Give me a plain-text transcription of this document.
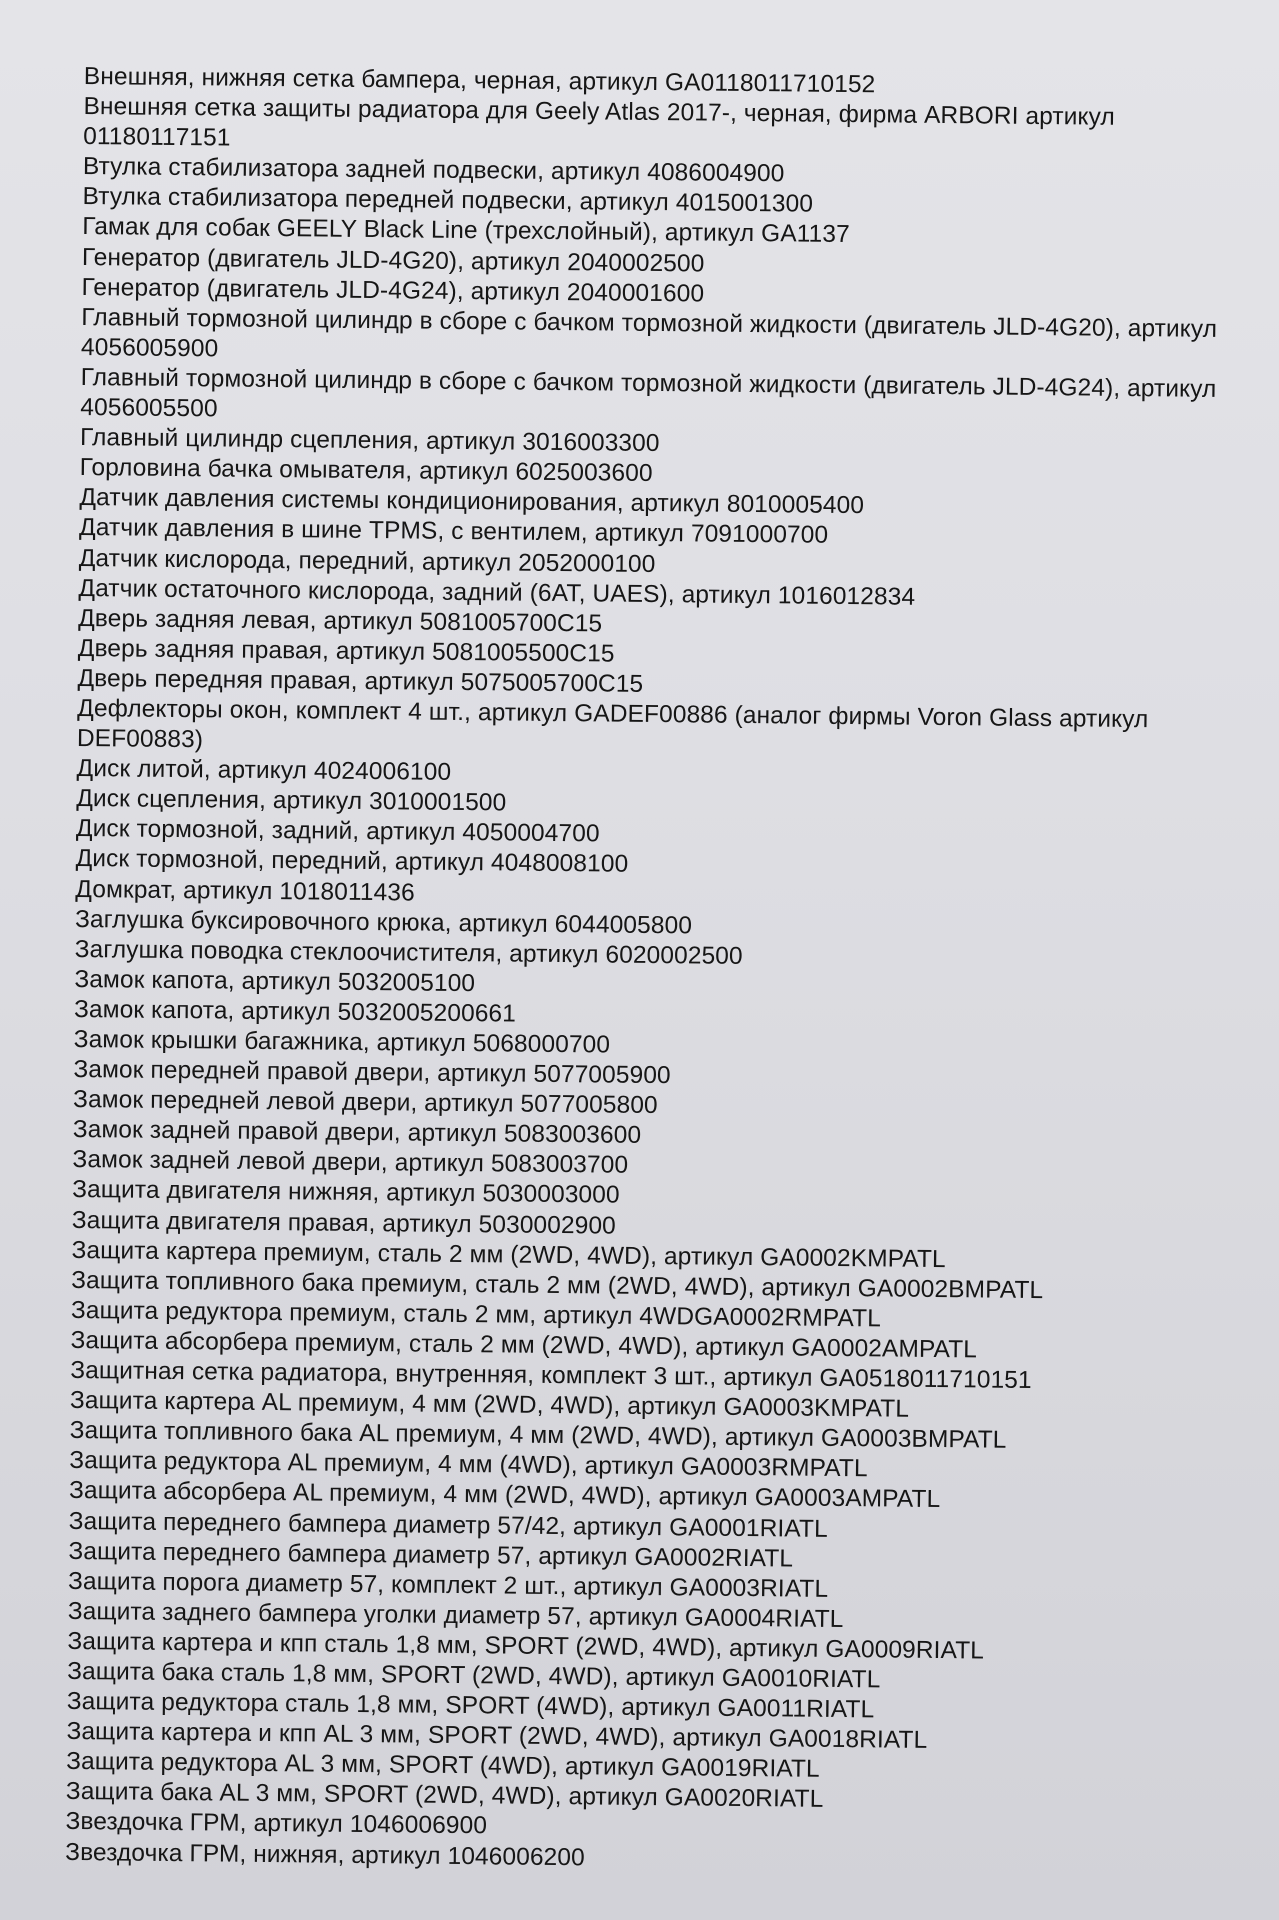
Внешняя, нижняя сетка бампера, черная, артикул GA0118011710152
Внешняя сетка защиты радиатора для Geely Atlas 2017-, черная, фирма ARBORI артикул 01180117151
Втулка стабилизатора задней подвески, артикул 4086004900
Втулка стабилизатора передней подвески, артикул 4015001300
Гамак для собак GEELY Black Line (трехслойный), артикул GA1137
Генератор (двигатель JLD-4G20), артикул 2040002500
Генератор (двигатель JLD-4G24), артикул 2040001600
Главный тормозной цилиндр в сборе с бачком тормозной жидкости (двигатель JLD-4G20), артикул 4056005900
Главный тормозной цилиндр в сборе с бачком тормозной жидкости (двигатель JLD-4G24), артикул 4056005500
Главный цилиндр сцепления, артикул 3016003300
Горловина бачка омывателя, артикул 6025003600
Датчик давления системы кондиционирования, артикул 8010005400
Датчик давления в шине TPMS, с вентилем, артикул 7091000700
Датчик кислорода, передний, артикул 2052000100
Датчик остаточного кислорода, задний (6AT, UAES), артикул 1016012834
Дверь задняя левая, артикул 5081005700C15
Дверь задняя правая, артикул 5081005500C15
Дверь передняя правая, артикул 5075005700C15
Дефлекторы окон, комплект 4 шт., артикул GADEF00886 (аналог фирмы Voron Glass артикул DEF00883)
Диск литой, артикул 4024006100
Диск сцепления, артикул 3010001500
Диск тормозной, задний, артикул 4050004700
Диск тормозной, передний, артикул 4048008100
Домкрат, артикул 1018011436
Заглушка буксировочного крюка, артикул 6044005800
Заглушка поводка стеклоочистителя, артикул 6020002500
Замок капота, артикул 5032005100
Замок капота, артикул 5032005200661
Замок крышки багажника, артикул 5068000700
Замок передней правой двери, артикул 5077005900
Замок передней левой двери, артикул 5077005800
Замок задней правой двери, артикул 5083003600
Замок задней левой двери, артикул 5083003700
Защита двигателя нижняя, артикул 5030003000
Защита двигателя правая, артикул 5030002900
Защита картера премиум, сталь 2 мм (2WD, 4WD), артикул GA0002KMPATL
Защита топливного бака премиум, сталь 2 мм (2WD, 4WD), артикул GA0002BMPATL
Защита редуктора премиум, сталь 2 мм, артикул 4WDGA0002RMPATL
Защита абсорбера премиум, сталь 2 мм (2WD, 4WD), артикул GA0002AMPATL
Защитная сетка радиатора, внутренняя, комплект 3 шт., артикул GA0518011710151
Защита картера AL премиум, 4 мм (2WD, 4WD), артикул GA0003KMPATL
Защита топливного бака AL премиум, 4 мм (2WD, 4WD), артикул GA0003BMPATL
Защита редуктора AL премиум, 4 мм (4WD), артикул GA0003RMPATL
Защита абсорбера AL премиум, 4 мм (2WD, 4WD), артикул GA0003AMPATL
Защита переднего бампера диаметр 57/42, артикул GA0001RIATL
Защита переднего бампера диаметр 57, артикул GA0002RIATL
Защита порога диаметр 57, комплект 2 шт., артикул GA0003RIATL
Защита заднего бампера уголки диаметр 57, артикул GA0004RIATL
Защита картера и кпп сталь 1,8 мм, SPORT (2WD, 4WD), артикул GA0009RIATL
Защита бака сталь 1,8 мм, SPORT (2WD, 4WD), артикул GA0010RIATL
Защита редуктора сталь 1,8 мм, SPORT (4WD), артикул GA0011RIATL
Защита картера и кпп AL 3 мм, SPORT (2WD, 4WD), артикул GA0018RIATL
Защита редуктора AL 3 мм, SPORT (4WD), артикул GA0019RIATL
Защита бака AL 3 мм, SPORT (2WD, 4WD), артикул GA0020RIATL
Звездочка ГРМ, артикул 1046006900
Звездочка ГРМ, нижняя, артикул 1046006200
